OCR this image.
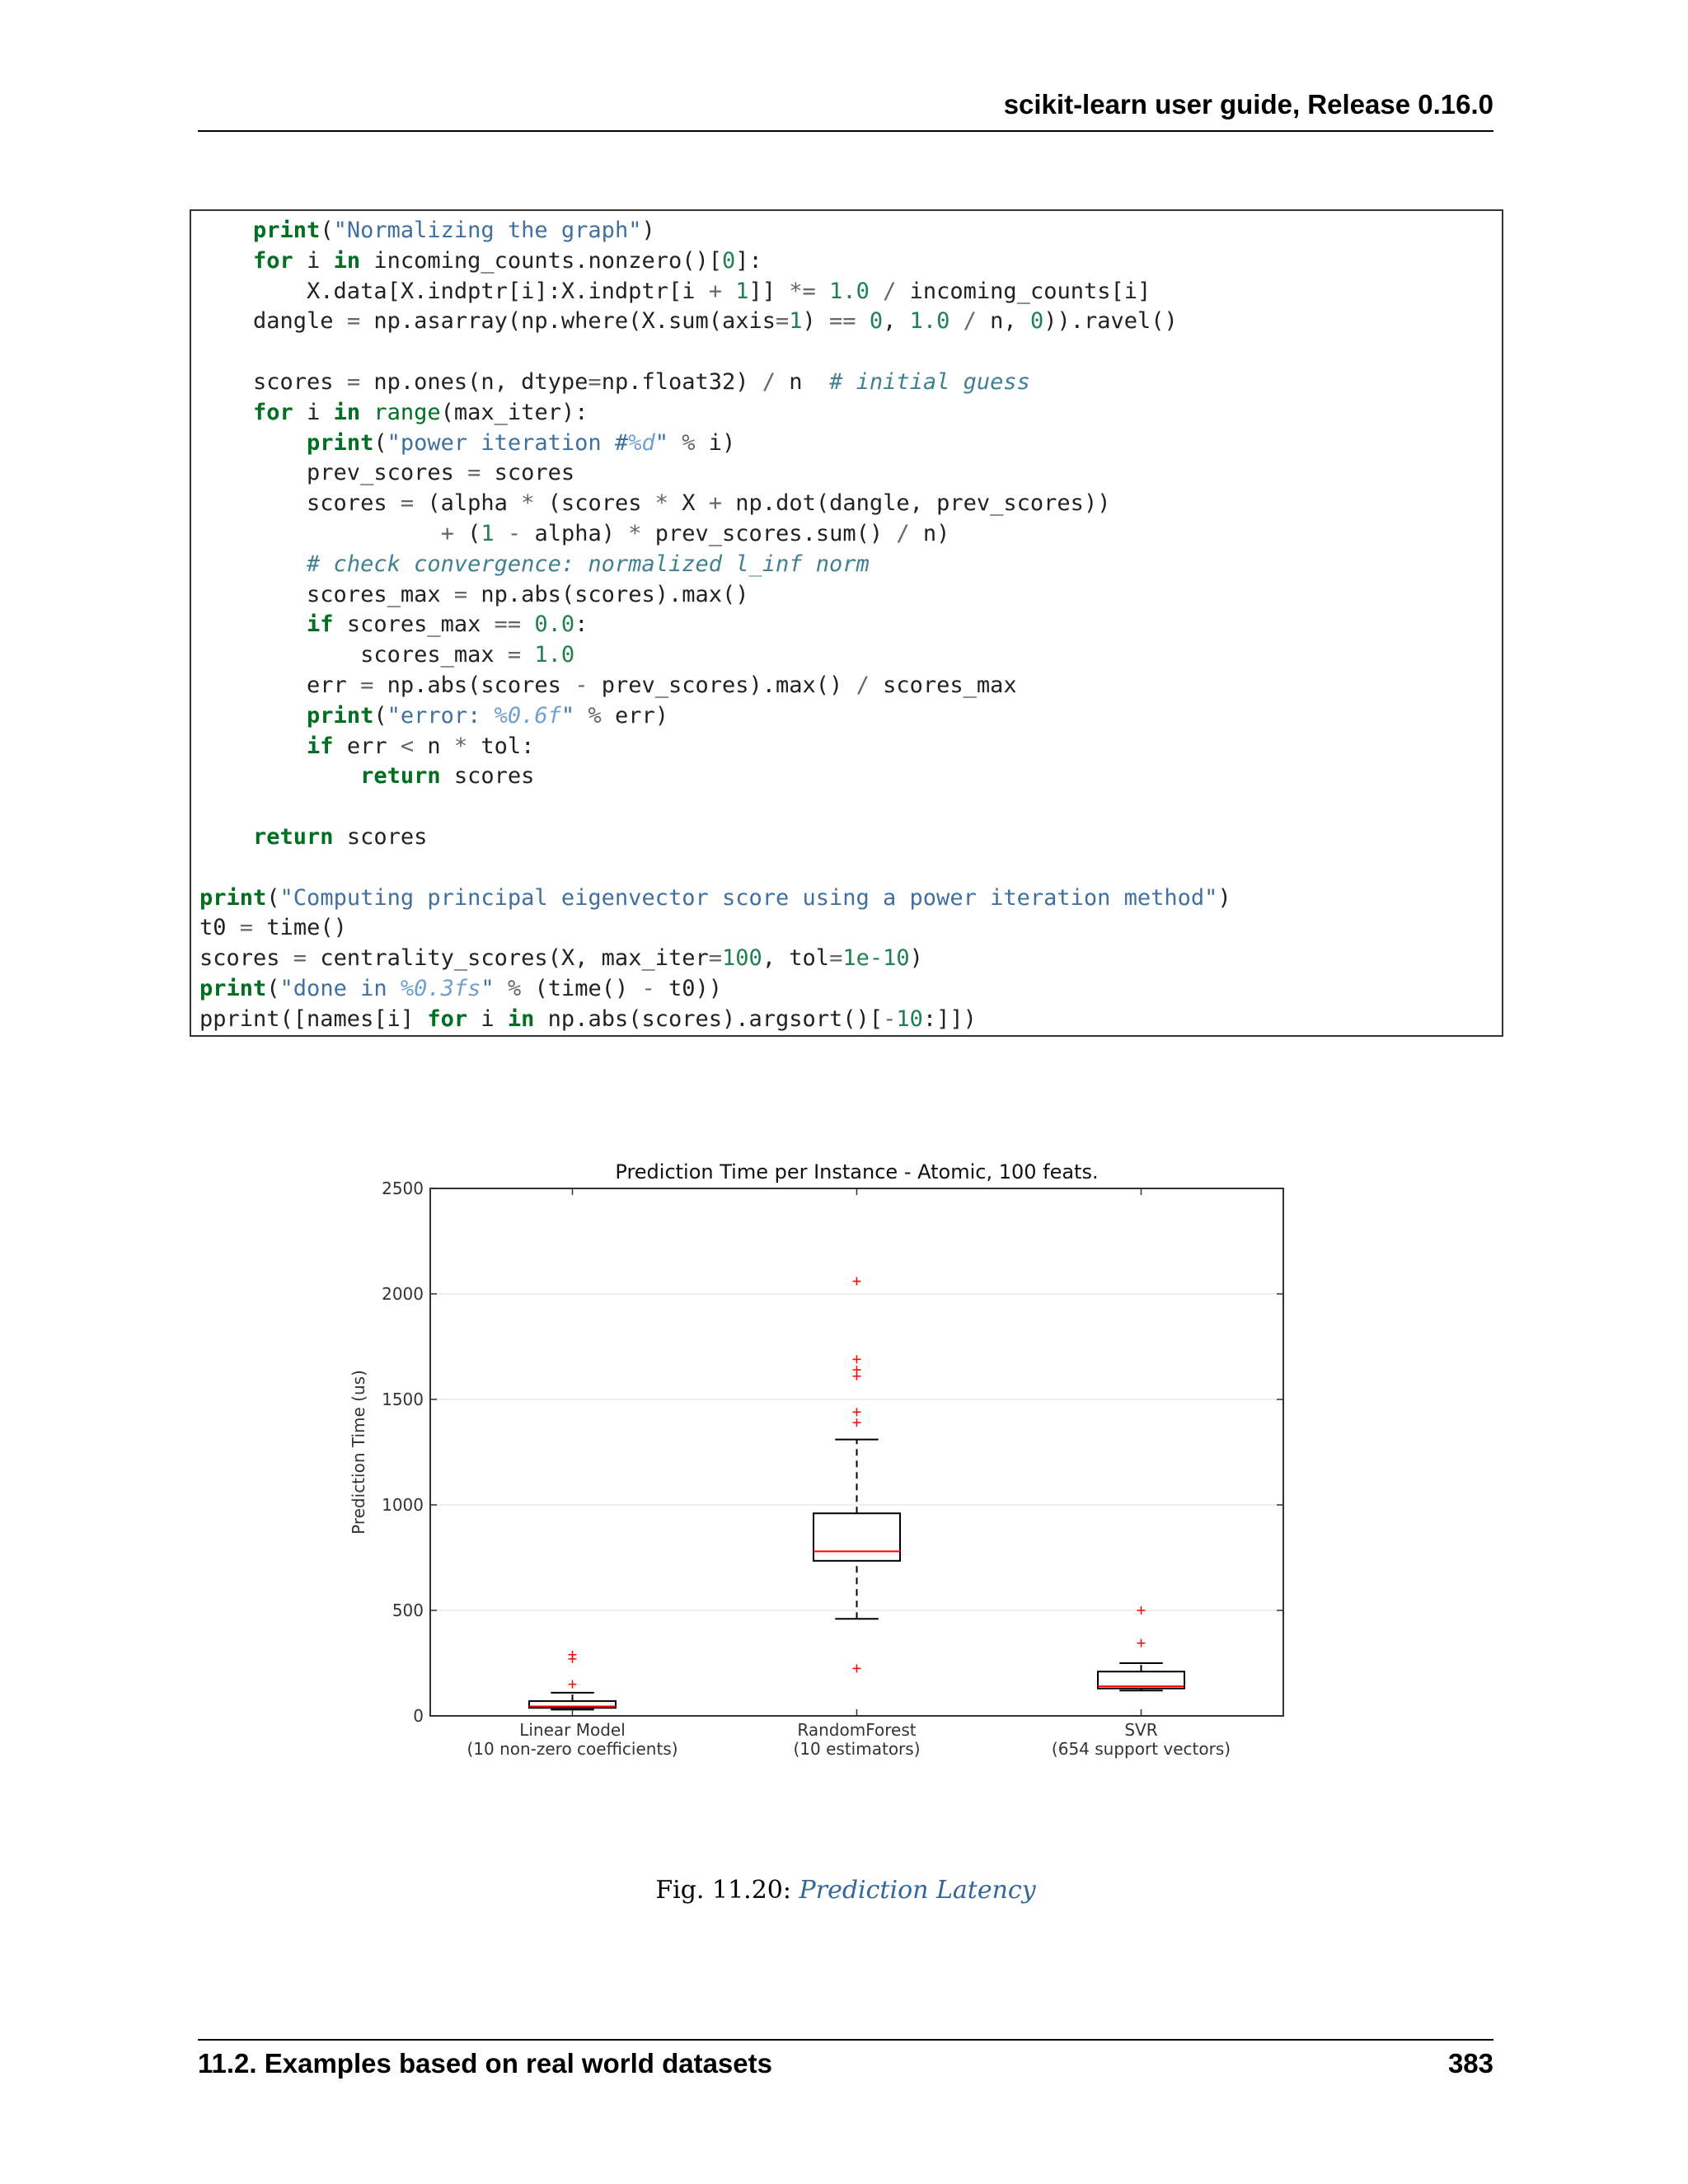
scikit-learn user guide, Release 0.16.0
print("Normalizing the graph")
for i in incoming_counts.nonzero()[0]:
X.data[X.indptr[i]:X.indptr[i + 1]] *= 1.0 / incoming_counts[i]
dangle = np.asarray(np.where(X.sum(axis=1) == 0, 1.0 / n, 0)).ravel()
scores = np.ones(n, dtype=np.float32) / n  # initial guess
for i in range(max_iter):
print("power iteration #%d" % i)
prev_scores = scores
scores = (alpha * (scores * X + np.dot(dangle, prev_scores))
+ (1 - alpha) * prev_scores.sum() / n)
# check convergence: normalized l_inf norm
scores_max = np.abs(scores).max()
if scores_max == 0.0:
scores_max = 1.0
err = np.abs(scores - prev_scores).max() / scores_max
print("error: %0.6f" % err)
if err < n * tol:
return scores
return scores
print("Computing principal eigenvector score using a power iteration method")
t0 = time()
scores = centrality_scores(X, max_iter=100, tol=1e-10)
print("done in %0.3fs" % (time() - t0))
pprint([names[i] for i in np.abs(scores).argsort()[-10:]])
0
500
1000
1500
2000
2500
Linear Model
(10 non-zero coefficients)
RandomForest
(10 estimators)
SVR
(654 support vectors)
Prediction Time per Instance - Atomic, 100 feats.
Prediction Time (us)
Fig. 11.20: Prediction Latency
11.2. Examples based on real world datasets	383
